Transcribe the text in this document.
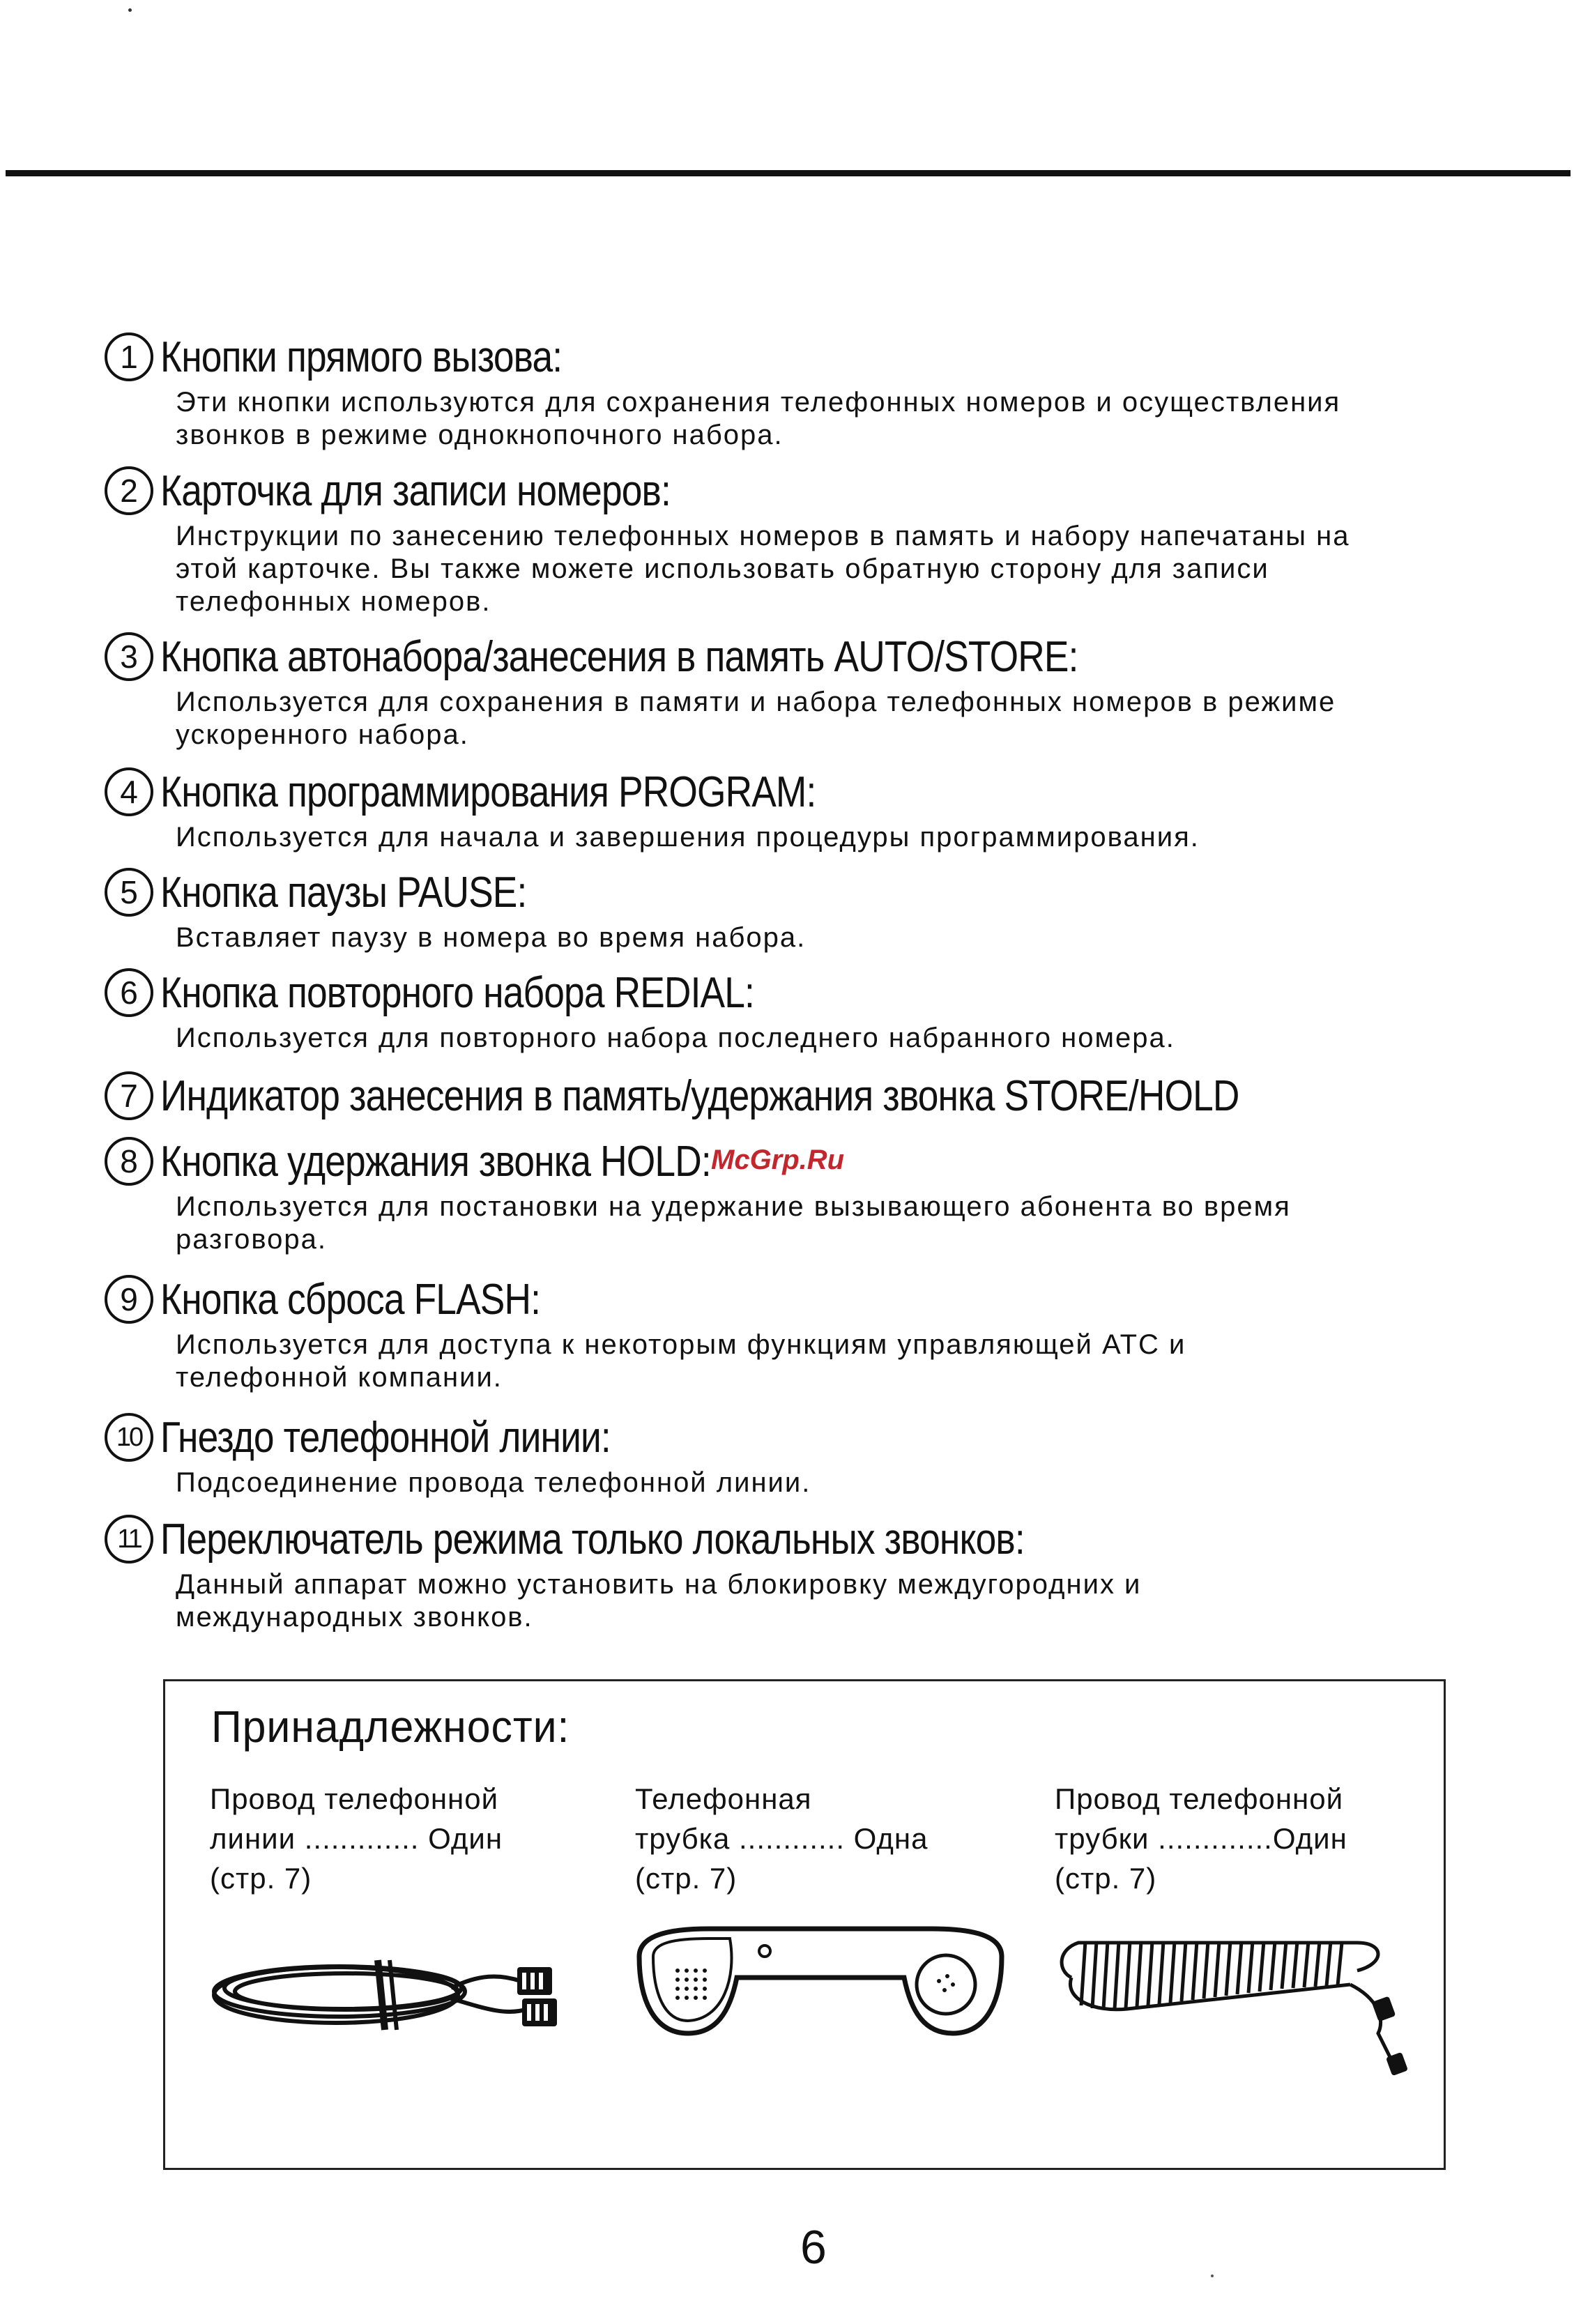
1 Кнопки прямого вызова:
Эти кнопки используются для сохранения телефонных номеров и осуществления
звонков в режиме однокнопочного набора.
2 Карточка для записи номеров:
Инструкции по занесению телефонных номеров в память и набору напечатаны на
этой карточке. Вы также можете использовать обратную сторону для записи
телефонных номеров.
3 Кнопка автонабора/занесения в память AUTO/STORE:
Используется для сохранения в памяти и набора телефонных номеров в режиме
ускоренного набора.
4 Кнопка программирования PROGRAM:
Используется для начала и завершения процедуры программирования.
5 Кнопка паузы PAUSE:
Вставляет паузу в номера во время набора.
6 Кнопка повторного набора REDIAL:
Используется для повторного набора последнего набранного номера.
7 Индикатор занесения в память/удержания звонка STORE/HOLD
8 Кнопка удержания звонка HOLD:
Используется для постановки на удержание вызывающего абонента во время
разговора.
9 Кнопка сброса FLASH:
Используется для доступа к некоторым функциям управляющей АТС и
телефонной компании.
10 Гнездо телефонной линии:
Подсоединение провода телефонной линии.
11 Переключатель режима только локальных звонков:
Данный аппарат можно установить на блокировку междугородних и
международных звонков.
McGrp.Ru
Принадлежности:
Провод телефонной
линии ............. Один
(стр. 7)
Телефонная
трубка ............ Одна
(стр. 7)
Провод телефонной
трубки .............Один
(стр. 7)
6
